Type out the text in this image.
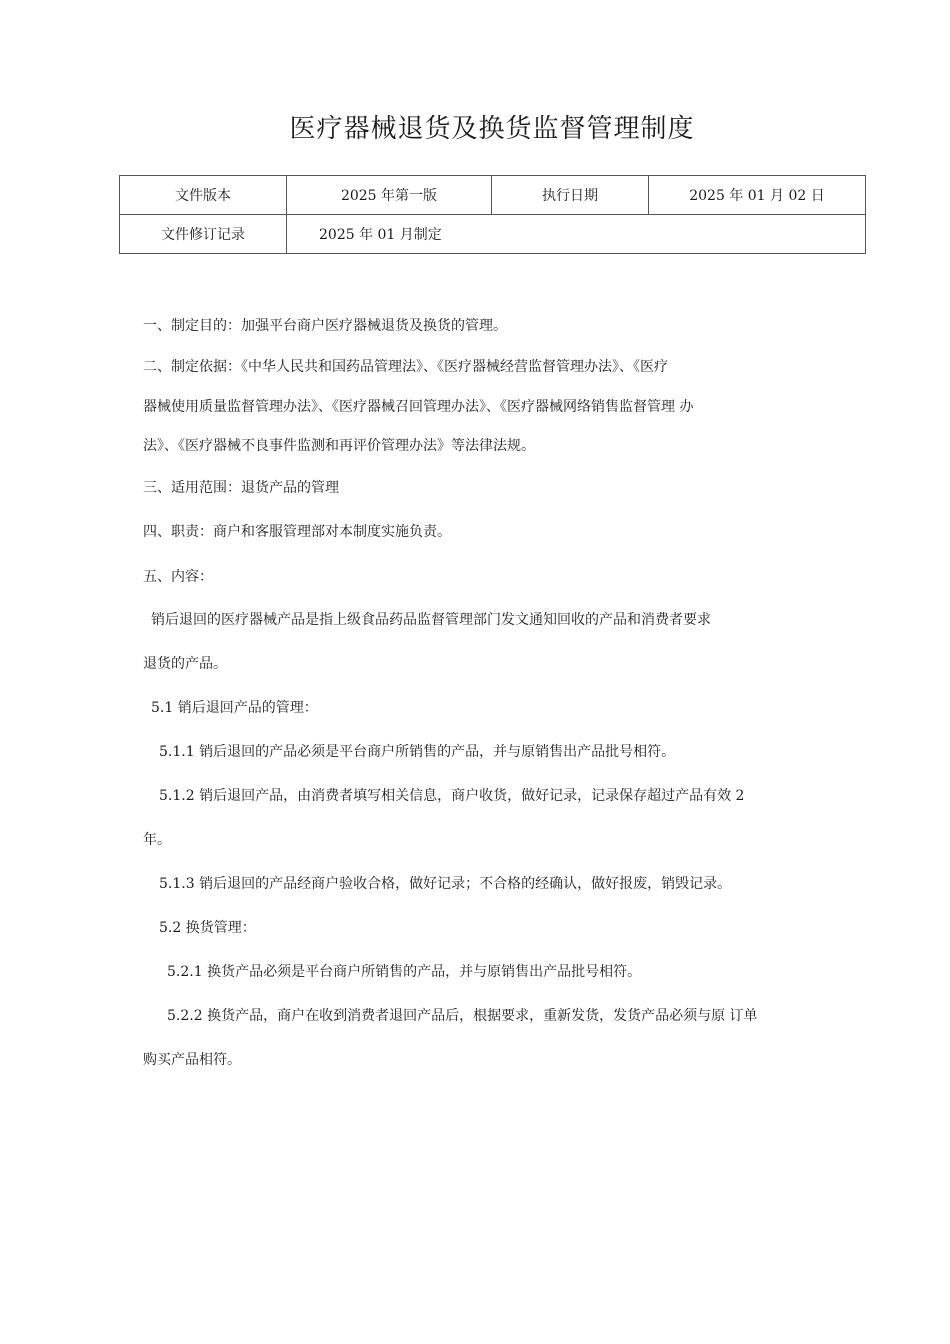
医疗器械退货及换货监督管理制度
文件版本	2025 年第一版	执行日期	2025 年 01 月 02 日
文件修订记录	2025 年 01 月制定		

一、制定目的：加强平台商户医疗器械退货及换货的管理。

二、制定依据：《中华人民共和国药品管理法》、《医疗器械经营监督管理办法》、《医疗

器械使用质量监督管理办法》、《医疗器械召回管理办法》、《医疗器械网络销售监督管理 办

法》、《医疗器械不良事件监测和再评价管理办法》等法律法规。

三、适用范围：退货产品的管理

四、职责：商户和客服管理部对本制度实施负责。

五、内容：

销后退回的医疗器械产品是指上级食品药品监督管理部门发文通知回收的产品和消费者要求

退货的产品。

5.1 销后退回产品的管理：

5.1.1 销后退回的产品必须是平台商户所销售的产品，并与原销售出产品批号相符。

5.1.2 销后退回产品，由消费者填写相关信息，商户收货，做好记录，记录保存超过产品有效 2

年。

5.1.3 销后退回的产品经商户验收合格，做好记录；不合格的经确认，做好报废，销毁记录。

5.2 换货管理：

5.2.1 换货产品必须是平台商户所销售的产品，并与原销售出产品批号相符。

5.2.2 换货产品，商户在收到消费者退回产品后，根据要求，重新发货，发货产品必须与原 订单

购买产品相符。
